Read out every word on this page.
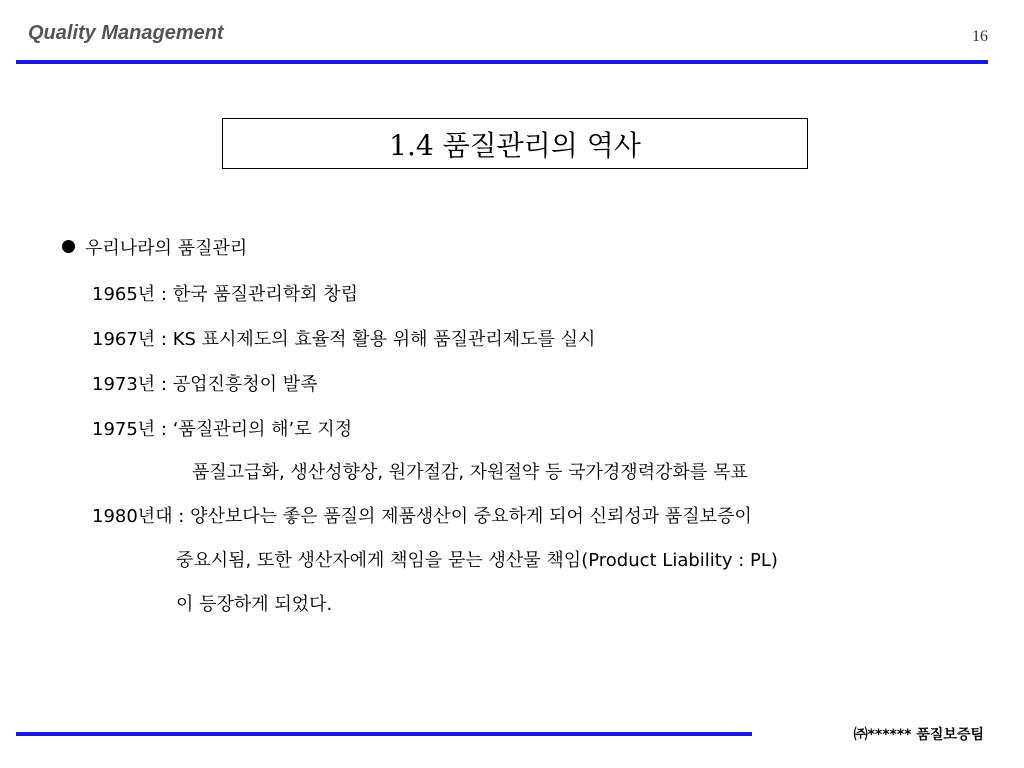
Quality Management	16
1.4 품질관리의 역사
우리나라의 품질관리
1965년 : 한국 품질관리학회 창립
1967년 : KS 표시제도의 효율적 활용 위해 품질관리제도를 실시
1973년 : 공업진흥청이 발족
1975년 : ‘품질관리의 해’로 지정
품질고급화, 생산성향상, 원가절감, 자원절약 등 국가경쟁력강화를 목표
1980년대 : 양산보다는 좋은 품질의 제품생산이 중요하게 되어 신뢰성과 품질보증이
중요시됨, 또한 생산자에게 책임을 묻는 생산물 책임(Product Liability : PL)
이 등장하게 되었다.
㈜****** 품질보증팀
